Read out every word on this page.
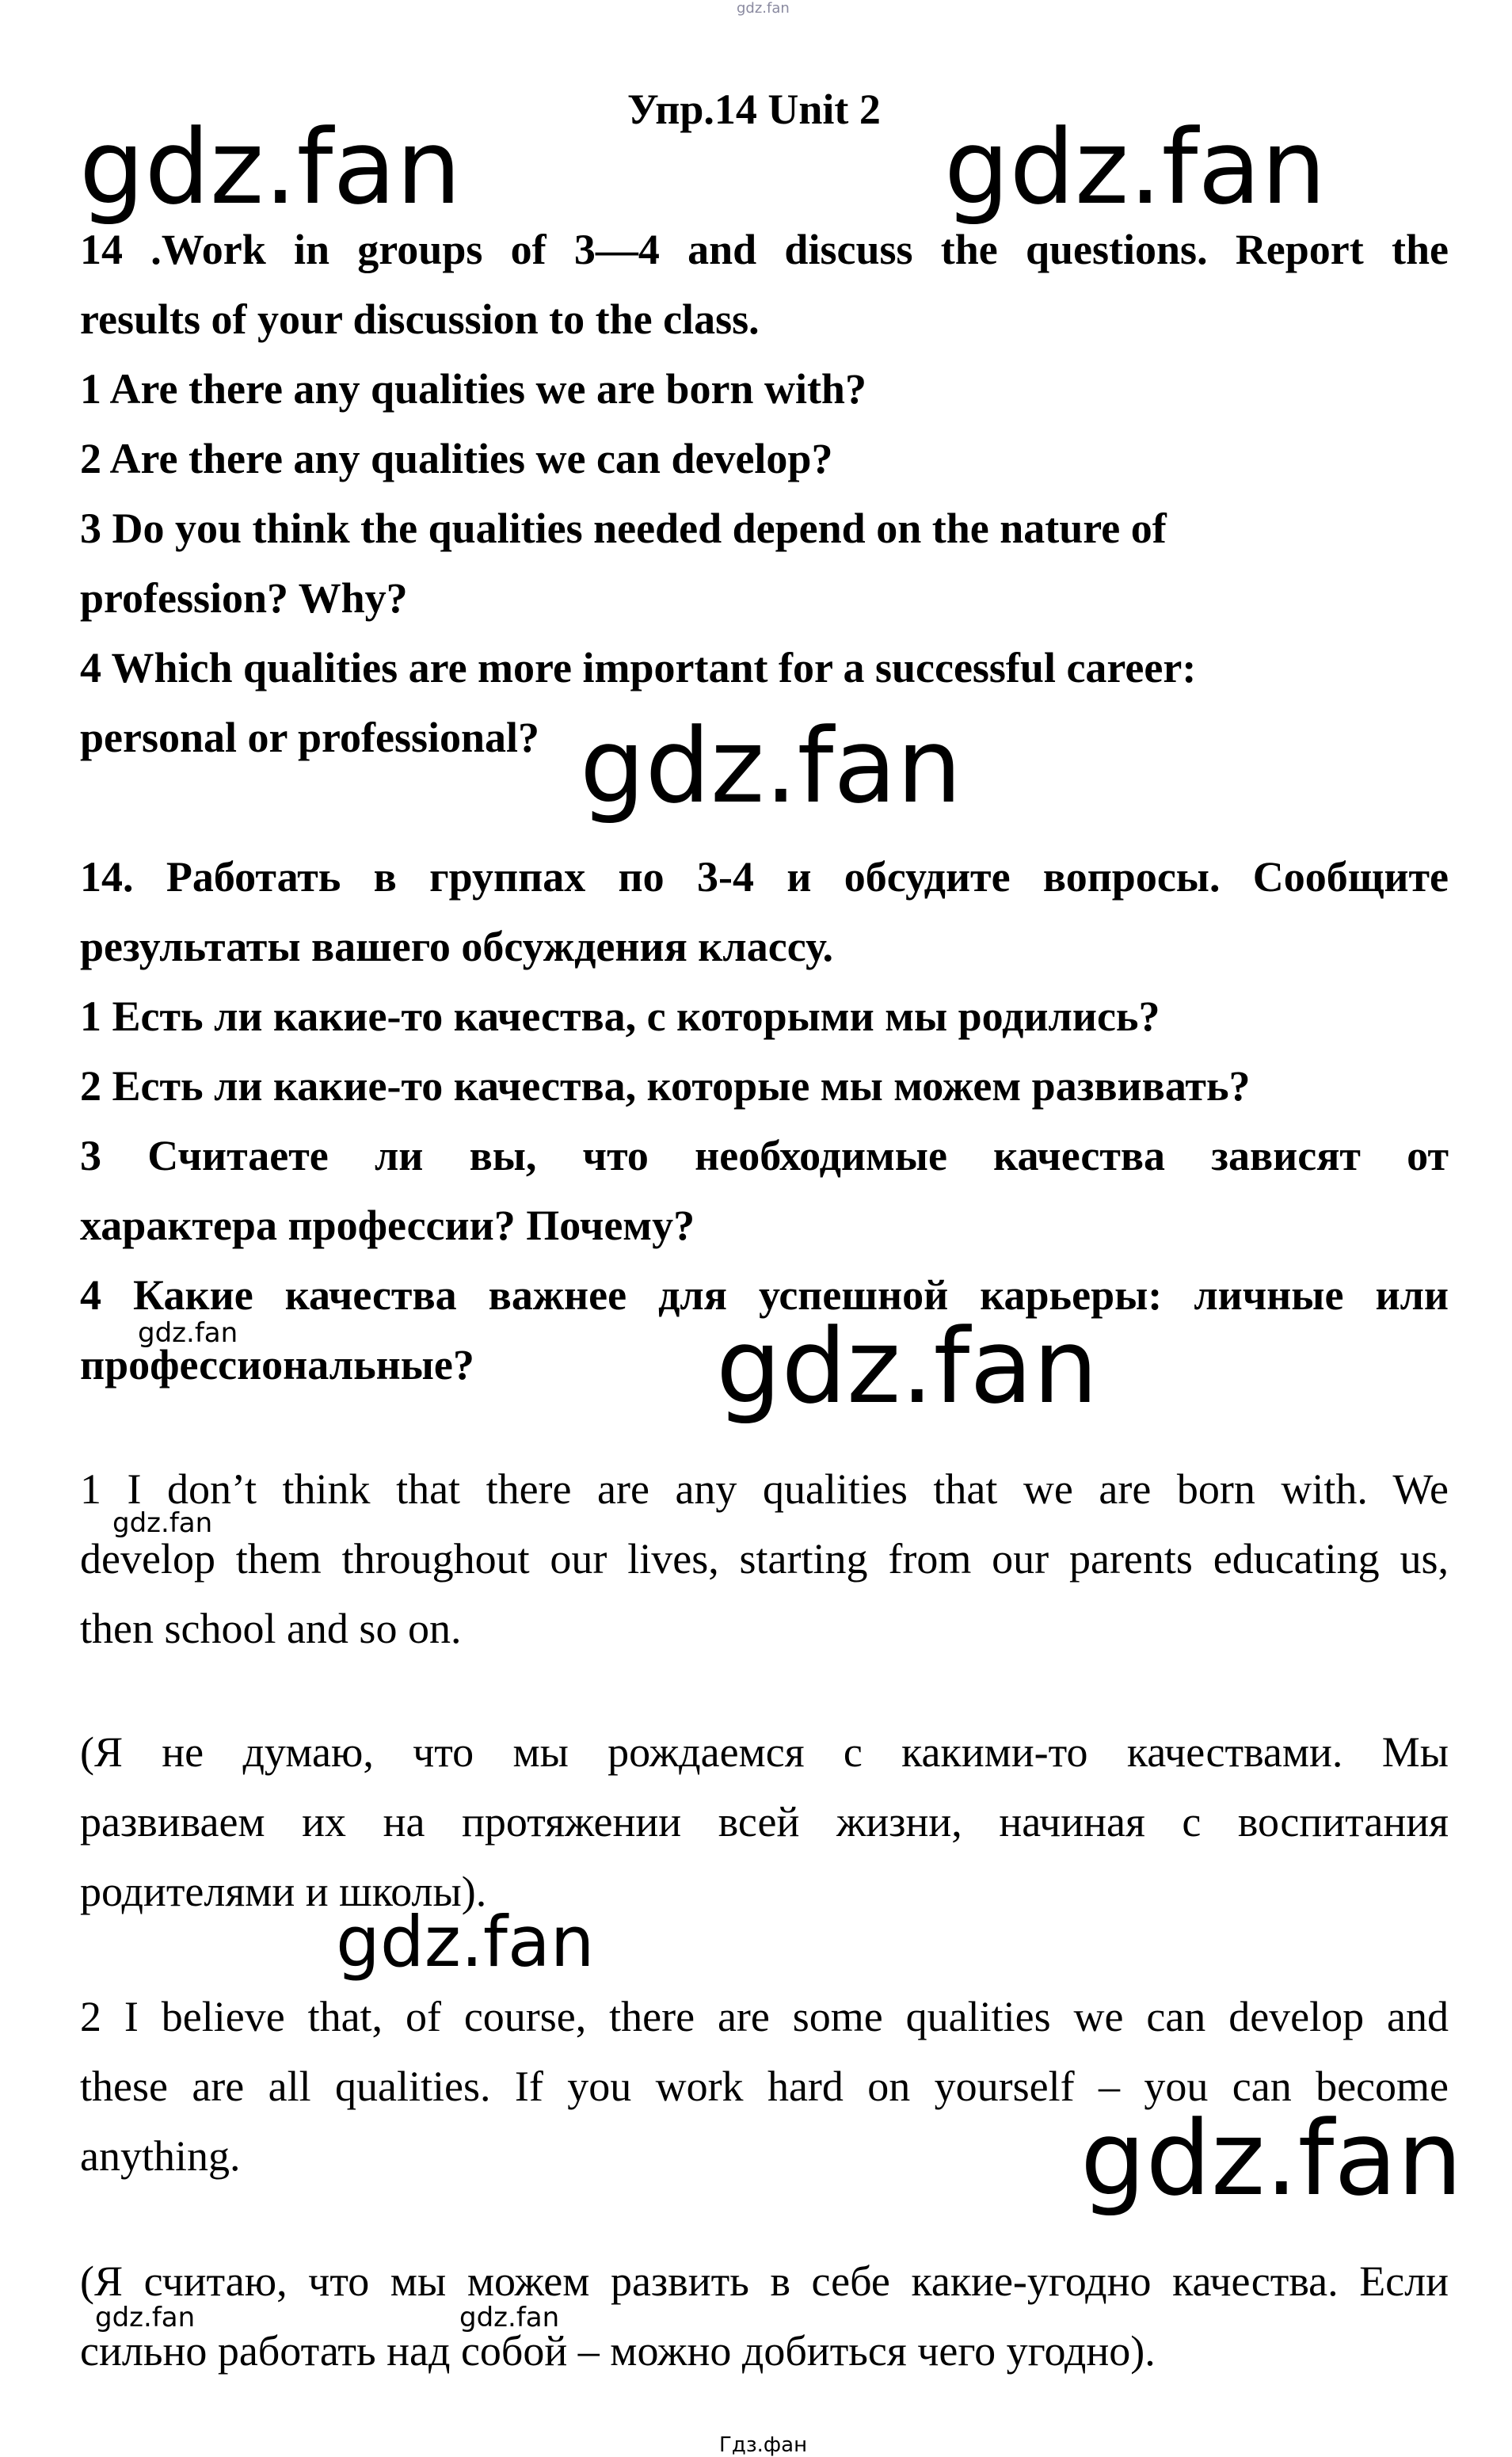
gdz.fan
Упр.14 Unit 2
gdz.fan	gdz.fan
14 .Work in groups of 3—4 and discuss the questions. Report the
results of your discussion to the class.
1 Are there any qualities we are born with?
2 Are there any qualities we can develop?
3 Do you think the qualities needed depend on the nature of
profession? Why?
4 Which qualities are more important for a successful career:
personal or professional? gdz.fan
14. Работать в группах по 3-4 и обсудите вопросы. Сообщите
результаты вашего обсуждения классу.
1 Есть ли какие-то качества, с которыми мы родились?
2 Есть ли какие-то качества, которые мы можем развивать?
3 Считаете ли вы, что необходимые качества зависят от
характера профессии? Почему?
4 Какие качества важнее для успешной карьеры: личные или
gdz.fan
профессиональные? gdz.fan
1 I don’t think that there are any qualities that we are born with. We
gdz.fan
develop them throughout our lives, starting from our parents educating us,
then school and so on.
(Я не думаю, что мы рождаемся с какими-то качествами. Мы
развиваем их на протяжении всей жизни, начиная с воспитания
родителями и школы).
gdz.fan
2 I believe that, of course, there are some qualities we can develop and
these are all qualities. If you work hard on yourself – you can become
anything.	gdz.fan
(Я считаю, что мы можем развить в себе какие-угодно качества. Если
gdz.fan	gdz.fan
сильно работать над собой – можно добиться чего угодно).
Гдз.фан
